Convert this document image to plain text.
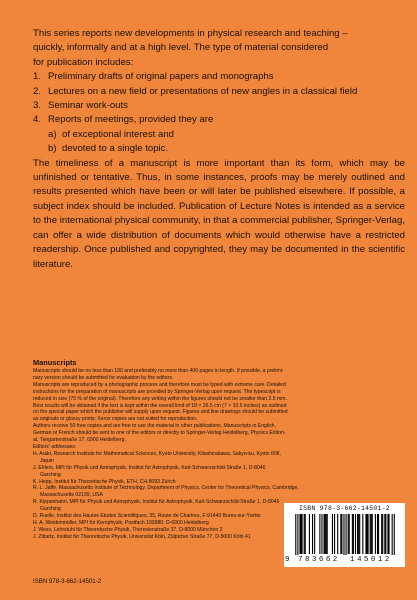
This series reports new developments in physical research and teaching –

quickly, informally and at a high level. The type of material considered

for publication includes:

1. Preliminary drafts of original papers and monographs
2. Lectures on a new field or presentations of new angles in a classical field
3. Seminar work-outs
4. Reports of meetings, provided they are
a) of exceptional interest and
b) devoted to a single topic.

The timeliness of a manuscript is more important than its form, which may be unfinished or tentative. Thus, in some instances, proofs may be merely outlined and results presented which have been or will later be published elsewhere. If possible, a subject index should be included. Publication of Lecture Notes is intended as a service to the international physical community, in that a commercial publisher, Springer-Verlag, can offer a wide distribution of documents which would otherwise have a restricted readership. Once published and copyrighted, they may be documented in the scientific literature.

Manuscripts

Manuscripts should be no less than 100 and preferably no more than 400 pages in length. If possible, a prelimi-

nary version should be submitted for evaluation by the editors.

Manuscripts are reproduced by a photographic process and therefore must be typed with extreme care. Detailed

instructions for the preparation of manuscripts are provided by Springer-Verlag upon request. The typescript is

reduced in size (75 % of the original). Therefore any writing within the figures should not be smaller than 2.5 mm.

Best results will be obtained if the text is kept within the overall limit of 18 × 26.5 cm (7 × 10.5 inches) as outlined

on the special paper which the publisher will supply upon request. Figures and line drawings should be submitted

as originals or glossy prints; Xerox copies are not suited for reproduction.

Authors receive 50 free copies and are free to use the material in other publications. Manuscripts in English,

German or French should be sent to one of the editors or directly to Springer-Verlag Heidelberg, Physics Editori-

al, Tiergartenstraße 17, 6900 Heidelberg.

Editors' addresses:

H. Araki, Research Institute for Mathematical Sciences, Kyoto University, Kitashirakawa, Sakyo-ku, Kyoto 606,

Japan

J. Ehlers, MPI für Physik und Astrophysik, Institut für Astrophysik, Karl-Schwarzschild-Straße 1, D-8046

Garching

K. Hepp, Institut für Theoretische Physik, ETH, CH-8093 Zürich

R. L. Jaffe, Massachusetts Institute of Technology, Department of Physics, Center for Theoretical Physics, Cambridge,

Massachusetts 02139, USA

R. Kippenhahn, MPI für Physik und Astrophysik, Institut für Astrophysik, Karl-Schwarzschild-Straße 1, D-8046

Garching

D. Ruelle, Institut des Hautes Etudes Scientifiques, 35, Route de Chartres, F-91440 Bures-sur-Yvette

H. A. Weidenmüller, MPI für Kernphysik, Postfach 103980, D-6900 Heidelberg

J. Wess, Lehrstuhl für Theoretische Physik, Theresienstraße 37, D-8000 München 2

J. Zittartz, Institut für Theoretische Physik, Universität Köln, Zülpicher Straße 77, D-5000 Köln 41

ISBN 978-3-662-14501-2
9 783662 145012
ISBN 978-3-662-14501-2
